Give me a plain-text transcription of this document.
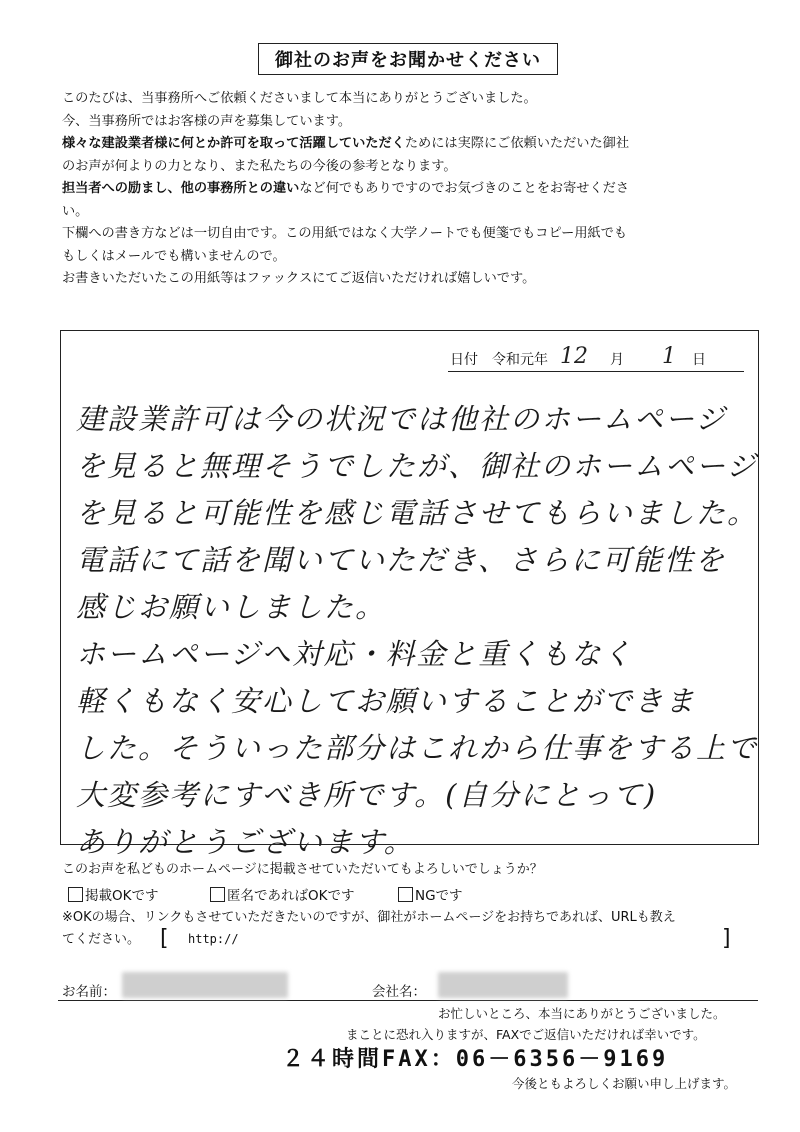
御社のお声をお聞かせください

このたびは、当事務所へご依頼くださいまして本当にありがとうございました。

今、当事務所ではお客様の声を募集しています。

様々な建設業者様に何とか許可を取って活躍していただくためには実際にご依頼いただいた御社

のお声が何よりの力となり、また私たちの今後の参考となります。

担当者への励まし、他の事務所との違いなど何でもありですのでお気づきのことをお寄せくださ

い。

下欄への書き方などは一切自由です。この用紙ではなく大学ノートでも便箋でもコピー用紙でも

もしくはメールでも構いませんので。

お書きいただいたこの用紙等はファックスにてご返信いただければ嬉しいです。

日付 令和元年 12 月 1 日
建設業許可は今の状況では他社のホームページ
を見ると無理そうでしたが、御社のホームページ
を見ると可能性を感じ電話させてもらいました。
電話にて話を聞いていただき、さらに可能性を
感じお願いしました。
ホームページへ対応・料金と重くもなく
軽くもなく安心してお願いすることができま
した。そういった部分はこれから仕事をする上で
大変参考にすべき所です。(自分にとって)
ありがとうございます。
このお声を私どものホームページに掲載させていただいてもよろしいでしょうか？
掲載OKです	匿名であればOKです	NGです
※OKの場合、リンクもさせていただきたいのですが、御社がホームページをお持ちであれば、URLも教え
てください。 [ http://	]
お名前：	会社名：
お忙しいところ、本当にありがとうございました。
まことに恐れ入りますが、FAXでご返信いただければ幸いです。
２４時間FAX：06－6356－9169
今後ともよろしくお願い申し上げます。
